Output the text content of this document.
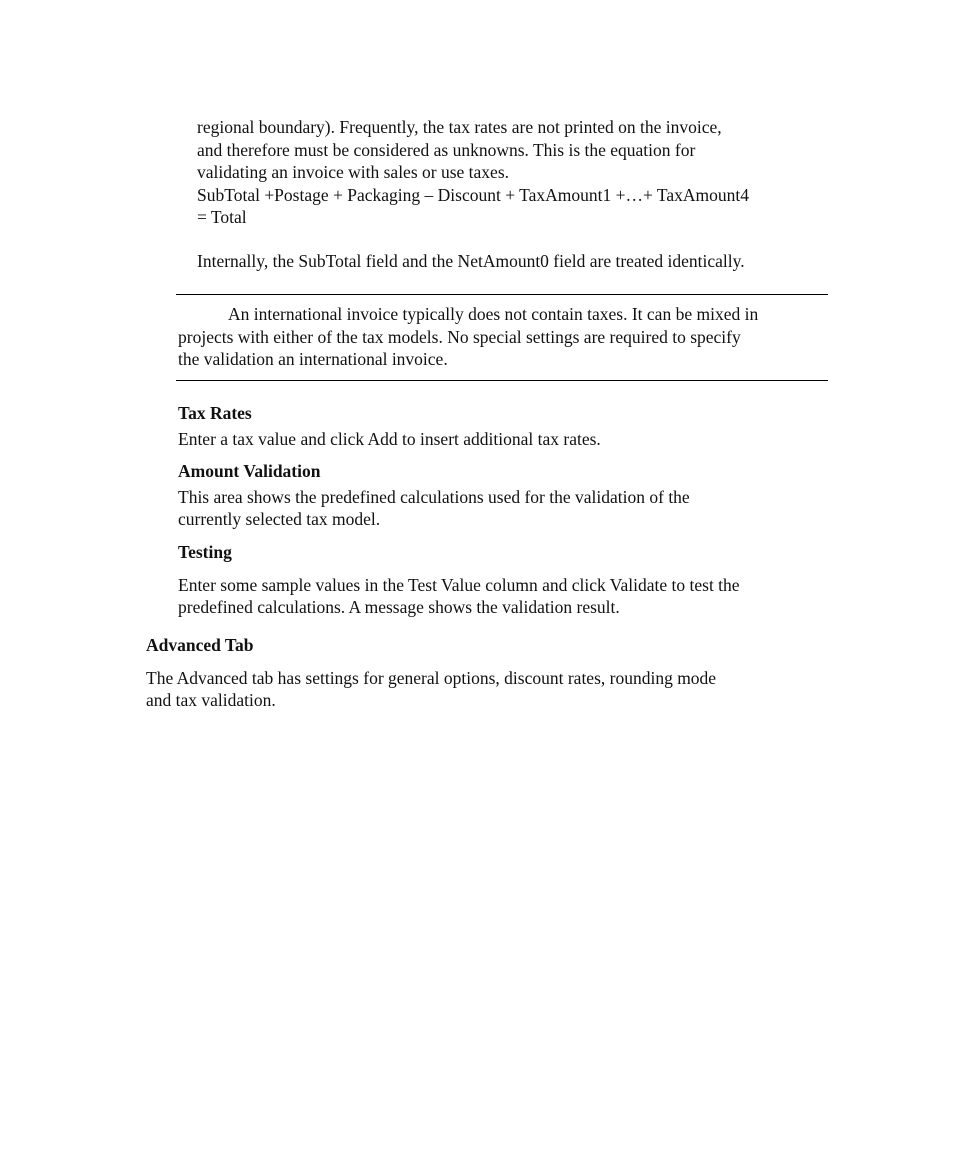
regional boundary). Frequently, the tax rates are not printed on the invoice,

and therefore must be considered as unknowns. This is the equation for

validating an invoice with sales or use taxes.

SubTotal +Postage + Packaging – Discount + TaxAmount1 +…+ TaxAmount4

= Total

Internally, the SubTotal field and the NetAmount0 field are treated identically.

An international invoice typically does not contain taxes. It can be mixed in

projects with either of the tax models. No special settings are required to specify

the validation an international invoice.

Tax Rates

Enter a tax value and click Add to insert additional tax rates.

Amount Validation

This area shows the predefined calculations used for the validation of the

currently selected tax model.

Testing

Enter some sample values in the Test Value column and click Validate to test the

predefined calculations. A message shows the validation result.

Advanced Tab

The Advanced tab has settings for general options, discount rates, rounding mode

and tax validation.
